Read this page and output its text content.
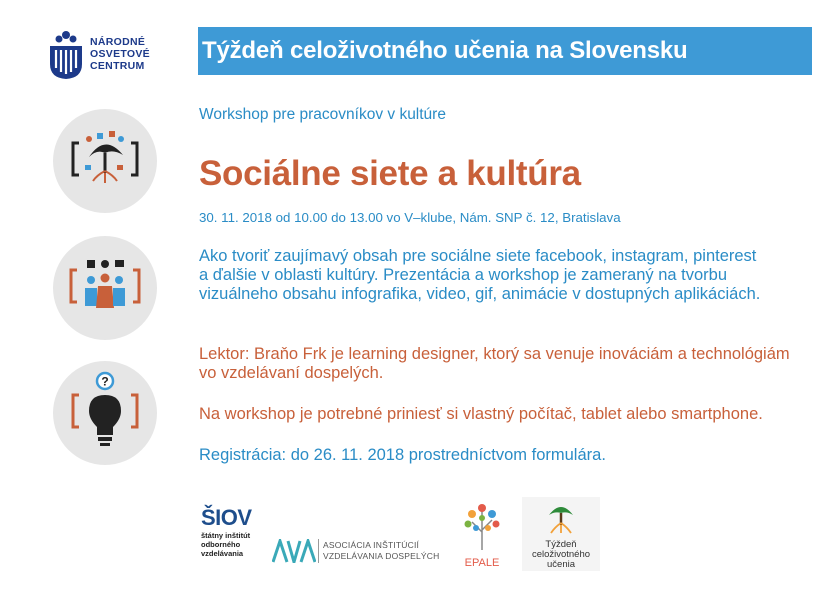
NÁRODNÉ
OSVETOVÉ
CENTRUM
Týždeň celoživotného učenia na Slovensku
?
Workshop pre pracovníkov v kultúre
Sociálne siete a kultúra
30. 11. 2018 od 10.00 do 13.00 vo V–klube, Nám. SNP č. 12, Bratislava
Ako tvoriť zaujímavý obsah pre sociálne siete facebook, instagram, pinterest
a ďalšie v oblasti kultúry. Prezentácia a workshop je zameraný na tvorbu
vizuálneho obsahu infografika, video, gif, animácie v dostupných aplikáciách.
Lektor: Braňo Frk je learning designer, ktorý sa venuje inováciám a technológiám
vo vzdelávaní dospelých.
Na workshop je potrebné priniesť si vlastný počítač, tablet alebo smartphone.
Registrácia: do 26. 11. 2018 prostredníctvom formulára.
ŠIOV
štátny inštitút
odborného
vzdelávania
ASOCIÁCIA INŠTITÚCIÍ
VZDELÁVANIA DOSPELÝCH
EPALE
Týždeň
celoživotného
učenia
